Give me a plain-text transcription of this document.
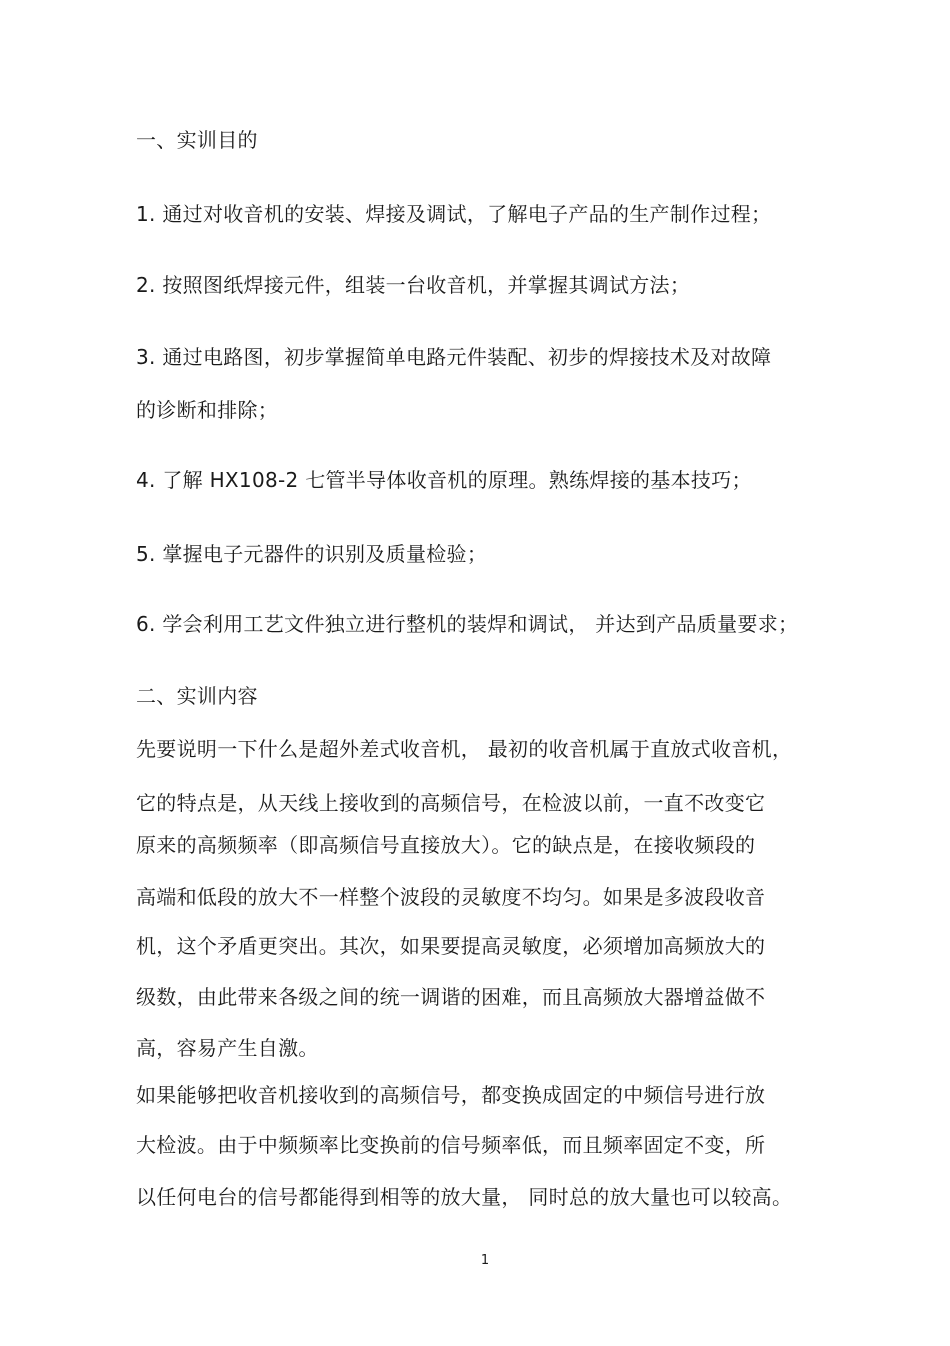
一、实训目的
1. 通过对收音机的安装、焊接及调试，了解电子产品的生产制作过程；
2. 按照图纸焊接元件，组装一台收音机，并掌握其调试方法；
3. 通过电路图，初步掌握简单电路元件装配、初步的焊接技术及对故障
的诊断和排除；
4. 了解 HX108-2 七管半导体收音机的原理。熟练焊接的基本技巧；
5. 掌握电子元器件的识别及质量检验；
6. 学会利用工艺文件独立进行整机的装焊和调试， 并达到产品质量要求；
二、实训内容
先要说明一下什么是超外差式收音机， 最初的收音机属于直放式收音机，
它的特点是，从天线上接收到的高频信号，在检波以前，一直不改变它
原来的高频频率（即高频信号直接放大）。它的缺点是，在接收频段的
高端和低段的放大不一样整个波段的灵敏度不均匀。如果是多波段收音
机，这个矛盾更突出。其次，如果要提高灵敏度，必须增加高频放大的
级数，由此带来各级之间的统一调谐的困难，而且高频放大器增益做不
高，容易产生自激。
如果能够把收音机接收到的高频信号，都变换成固定的中频信号进行放
大检波。由于中频频率比变换前的信号频率低，而且频率固定不变，所
以任何电台的信号都能得到相等的放大量， 同时总的放大量也可以较高。
1
